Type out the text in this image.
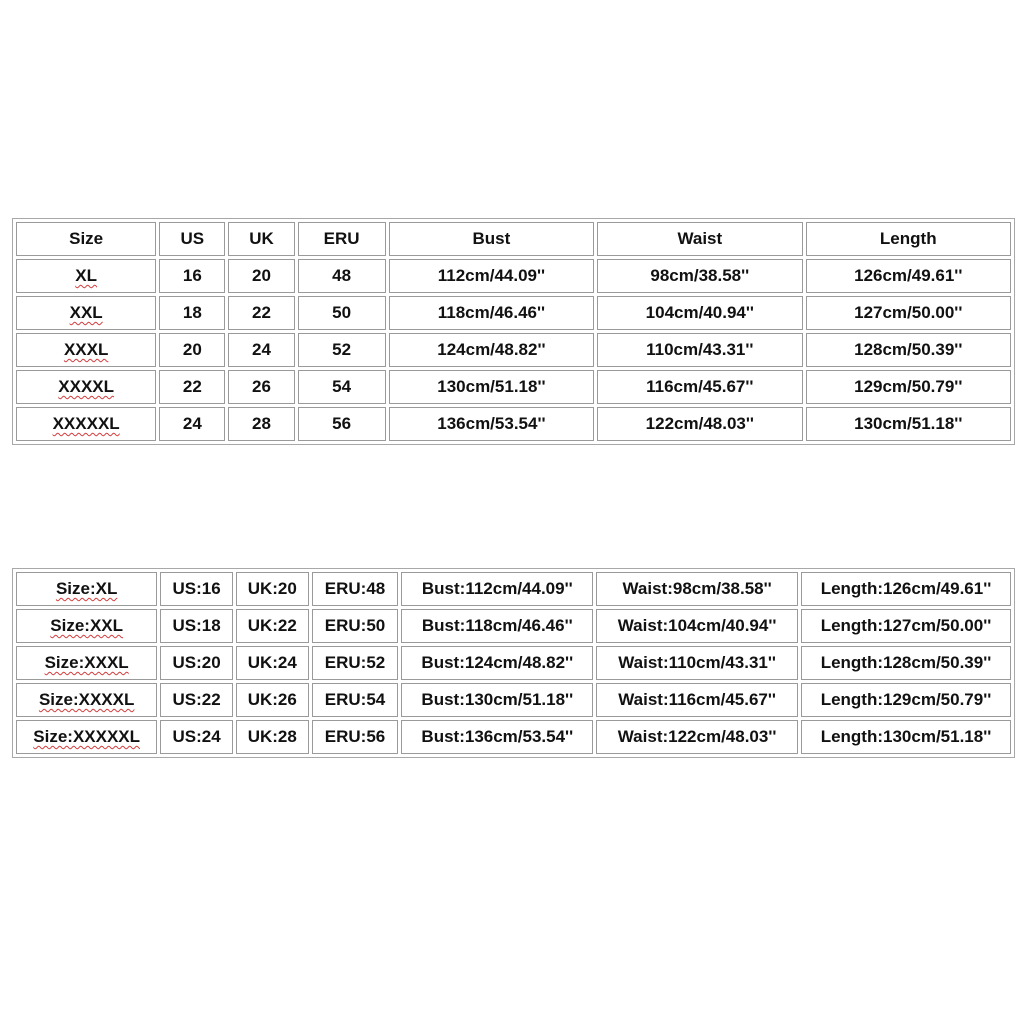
Size	US	UK	ERU	Bust	Waist	Length
XL	16	20	48	112cm/44.09''	98cm/38.58''	126cm/49.61''
XXL	18	22	50	118cm/46.46''	104cm/40.94''	127cm/50.00''
XXXL	20	24	52	124cm/48.82''	110cm/43.31''	128cm/50.39''
XXXXL	22	26	54	130cm/51.18''	116cm/45.67''	129cm/50.79''
XXXXXL	24	28	56	136cm/53.54''	122cm/48.03''	130cm/51.18''
Size:XL	US:16	UK:20	ERU:48	Bust:112cm/44.09''	Waist:98cm/38.58''	Length:126cm/49.61''
Size:XXL	US:18	UK:22	ERU:50	Bust:118cm/46.46''	Waist:104cm/40.94''	Length:127cm/50.00''
Size:XXXL	US:20	UK:24	ERU:52	Bust:124cm/48.82''	Waist:110cm/43.31''	Length:128cm/50.39''
Size:XXXXL	US:22	UK:26	ERU:54	Bust:130cm/51.18''	Waist:116cm/45.67''	Length:129cm/50.79''
Size:XXXXXL	US:24	UK:28	ERU:56	Bust:136cm/53.54''	Waist:122cm/48.03''	Length:130cm/51.18''
